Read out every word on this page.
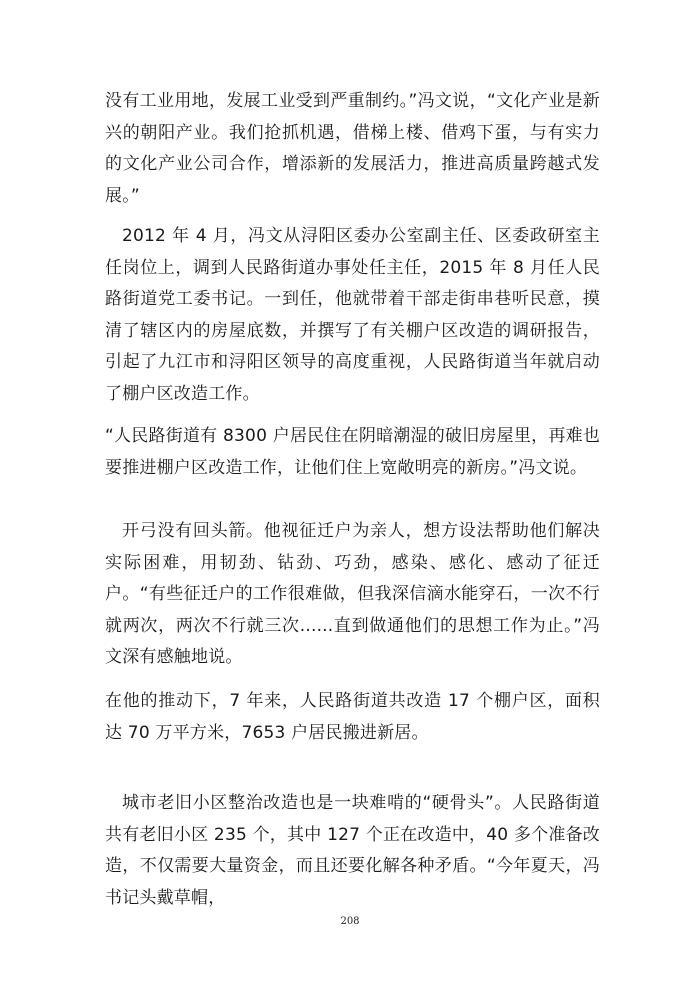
没有工业用地，发展工业受到严重制约。”冯文说，“文化产业是新兴的朝阳产业。我们抢抓机遇，借梯上楼、借鸡下蛋，与有实力的文化产业公司合作，增添新的发展活力，推进高质量跨越式发展。”

2012 年 4 月，冯文从浔阳区委办公室副主任、区委政研室主任岗位上，调到人民路街道办事处任主任，2015 年 8 月任人民路街道党工委书记。一到任，他就带着干部走街串巷听民意，摸清了辖区内的房屋底数，并撰写了有关棚户区改造的调研报告，引起了九江市和浔阳区领导的高度重视，人民路街道当年就启动了棚户区改造工作。

“人民路街道有 8300 户居民住在阴暗潮湿的破旧房屋里，再难也要推进棚户区改造工作，让他们住上宽敞明亮的新房。”冯文说。

开弓没有回头箭。他视征迁户为亲人，想方设法帮助他们解决实际困难，用韧劲、钻劲、巧劲，感染、感化、感动了征迁户。“有些征迁户的工作很难做，但我深信滴水能穿石，一次不行就两次，两次不行就三次......直到做通他们的思想工作为止。”冯文深有感触地说。

在他的推动下，7 年来，人民路街道共改造 17 个棚户区，面积达 70 万平方米，7653 户居民搬进新居。

城市老旧小区整治改造也是一块难啃的“硬骨头”。人民路街道共有老旧小区 235 个，其中 127 个正在改造中，40 多个准备改造，不仅需要大量资金，而且还要化解各种矛盾。“今年夏天，冯书记头戴草帽，

208
